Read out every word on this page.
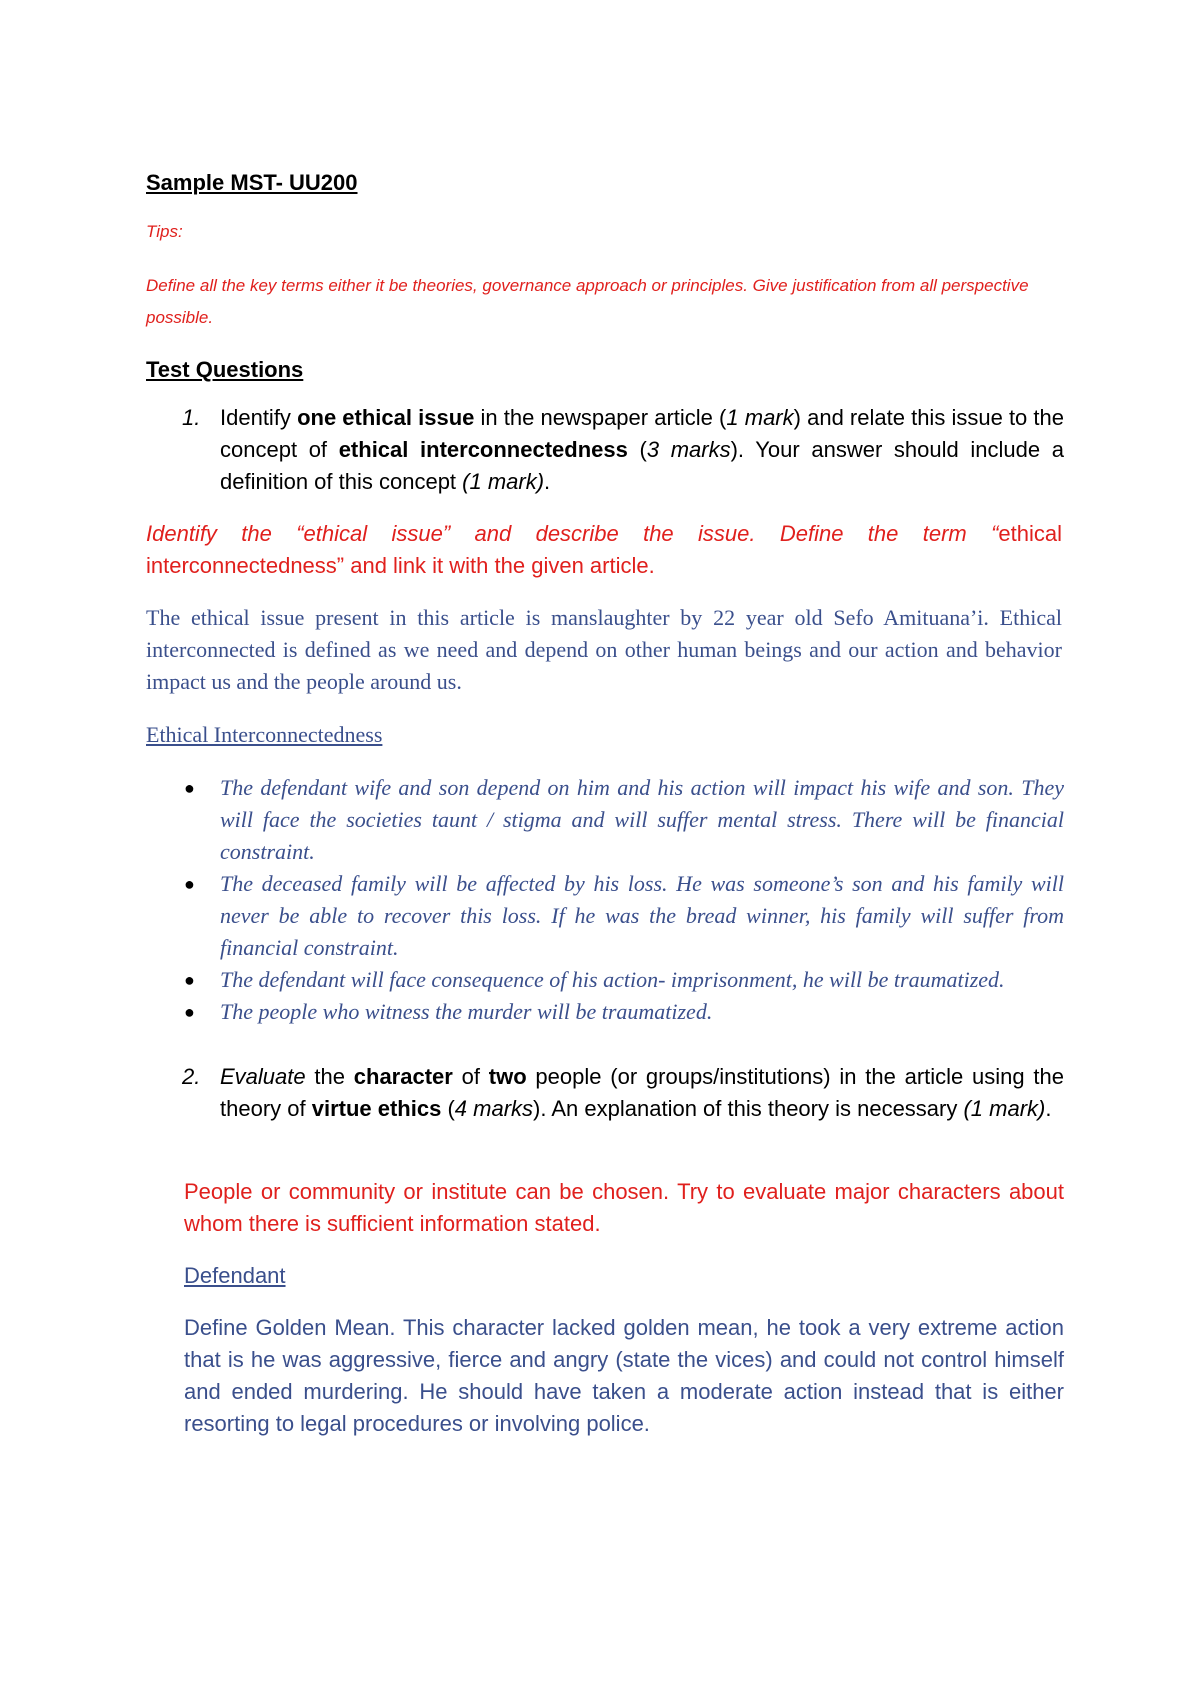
Sample MST- UU200
Tips:
Define all the key terms either it be theories, governance approach or principles. Give justification from all perspective possible.
Test Questions
1. Identify one ethical issue in the newspaper article (1 mark) and relate this issue to the concept of ethical interconnectedness (3 marks). Your answer should include a definition of this concept (1 mark).
Identify the “ethical issue” and describe the issue. Define the term “ethical interconnectedness” and link it with the given article.
The ethical issue present in this article is manslaughter by 22 year old Sefo Amituana’i. Ethical interconnected is defined as we need and depend on other human beings and our action and behavior impact us and the people around us.
Ethical Interconnectedness
● The defendant wife and son depend on him and his action will impact his wife and son. They will face the societies taunt / stigma and will suffer mental stress. There will be financial constraint.
● The deceased family will be affected by his loss. He was someone’s son and his family will never be able to recover this loss. If he was the bread winner, his family will suffer from financial constraint.
● The defendant will face consequence of his action- imprisonment, he will be traumatized.
● The people who witness the murder will be traumatized.
2. Evaluate the character of two people (or groups/institutions) in the article using the theory of virtue ethics (4 marks). An explanation of this theory is necessary (1 mark).
People or community or institute can be chosen. Try to evaluate major characters about whom there is sufficient information stated.
Defendant
Define Golden Mean. This character lacked golden mean, he took a very extreme action that is he was aggressive, fierce and angry (state the vices) and could not control himself and ended murdering. He should have taken a moderate action instead that is either resorting to legal procedures or involving police.
